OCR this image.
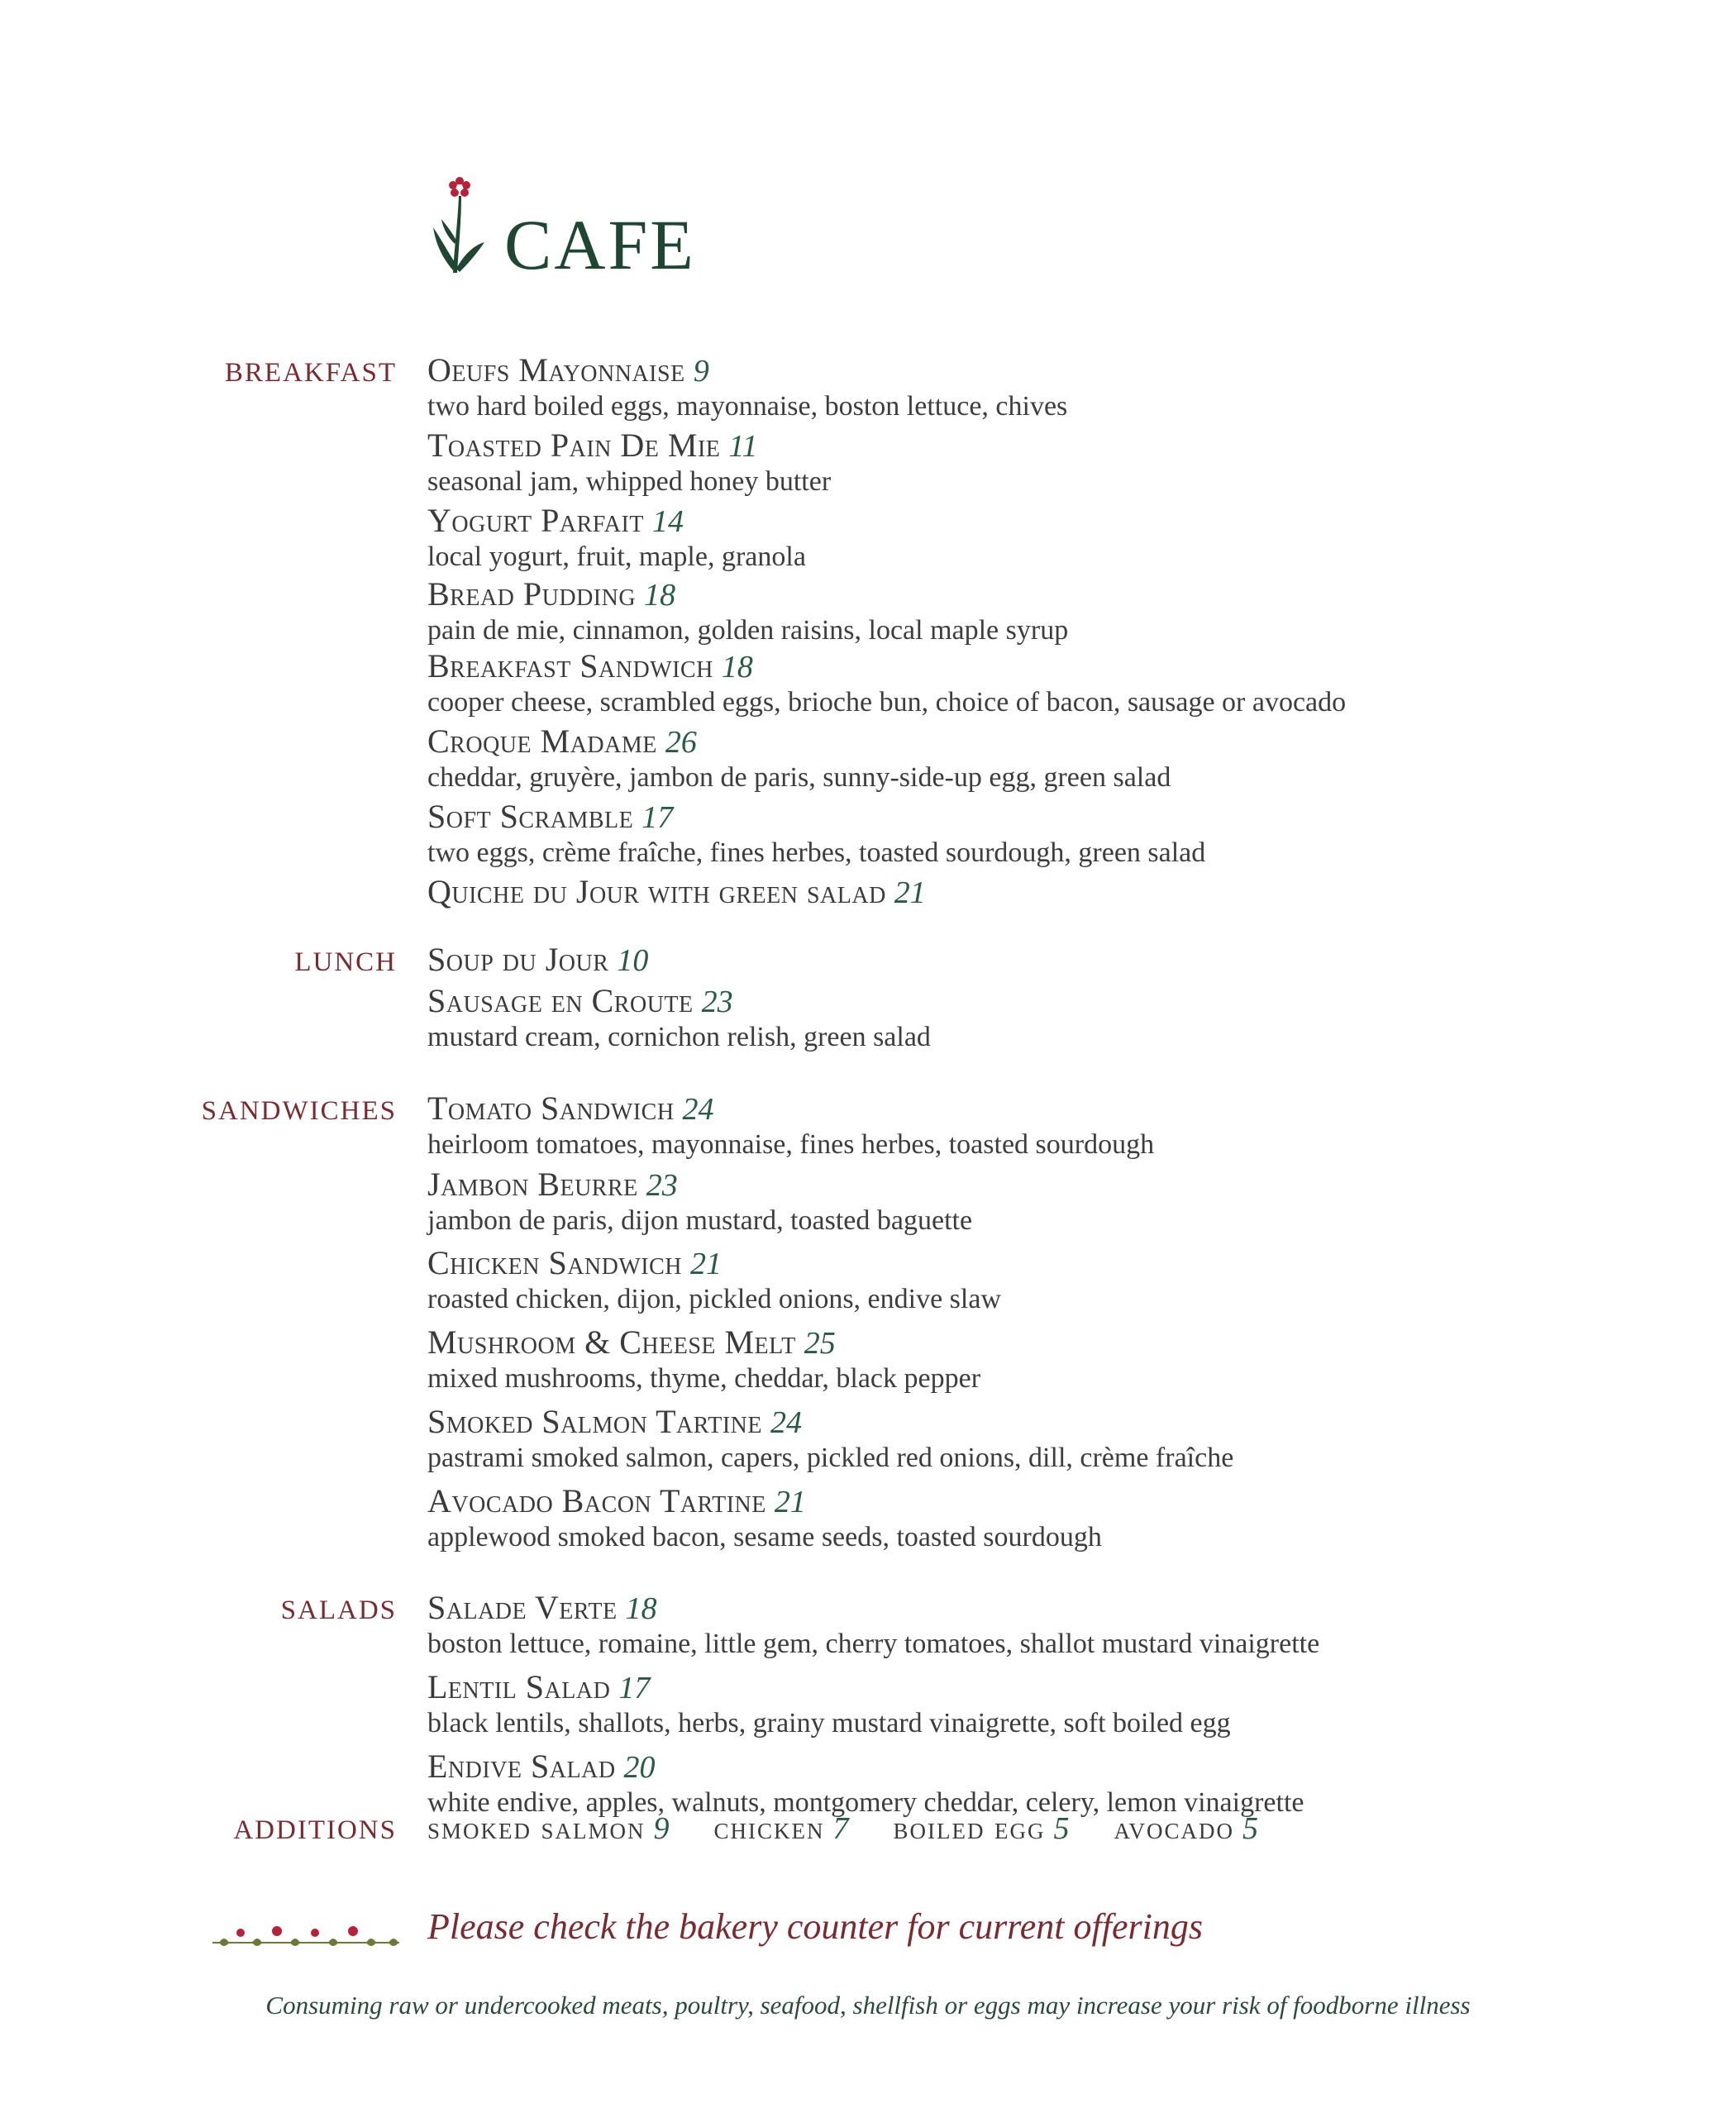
CAFE
BREAKFAST Oeufs Mayonnaise 9
two hard boiled eggs, mayonnaise, boston lettuce, chives
Toasted Pain De Mie 11
seasonal jam, whipped honey butter
Yogurt Parfait 14
local yogurt, fruit, maple, granola
Bread Pudding 18
pain de mie, cinnamon, golden raisins, local maple syrup
Breakfast Sandwich 18
cooper cheese, scrambled eggs, brioche bun, choice of bacon, sausage or avocado
Croque Madame 26
cheddar, gruyère, jambon de paris, sunny-side-up egg, green salad
Soft Scramble 17
two eggs, crème fraîche, fines herbes, toasted sourdough, green salad
Quiche du Jour with green salad 21
LUNCH Soup du Jour 10
Sausage en Croute 23
mustard cream, cornichon relish, green salad
SANDWICHES Tomato Sandwich 24
heirloom tomatoes, mayonnaise, fines herbes, toasted sourdough
Jambon Beurre 23
jambon de paris, dijon mustard, toasted baguette
Chicken Sandwich 21
roasted chicken, dijon, pickled onions, endive slaw
Mushroom & Cheese Melt 25
mixed mushrooms, thyme, cheddar, black pepper
Smoked Salmon Tartine 24
pastrami smoked salmon, capers, pickled red onions, dill, crème fraîche
Avocado Bacon Tartine 21
applewood smoked bacon, sesame seeds, toasted sourdough
SALADS Salade Verte 18
boston lettuce, romaine, little gem, cherry tomatoes, shallot mustard vinaigrette
Lentil Salad 17
black lentils, shallots, herbs, grainy mustard vinaigrette, soft boiled egg
Endive Salad 20
white endive, apples, walnuts, montgomery cheddar, celery, lemon vinaigrette
ADDITIONS smoked salmon 9 chicken 7 boiled egg 5 avocado 5
Please check the bakery counter for current offerings
Consuming raw or undercooked meats, poultry, seafood, shellfish or eggs may increase your risk of foodborne illness
